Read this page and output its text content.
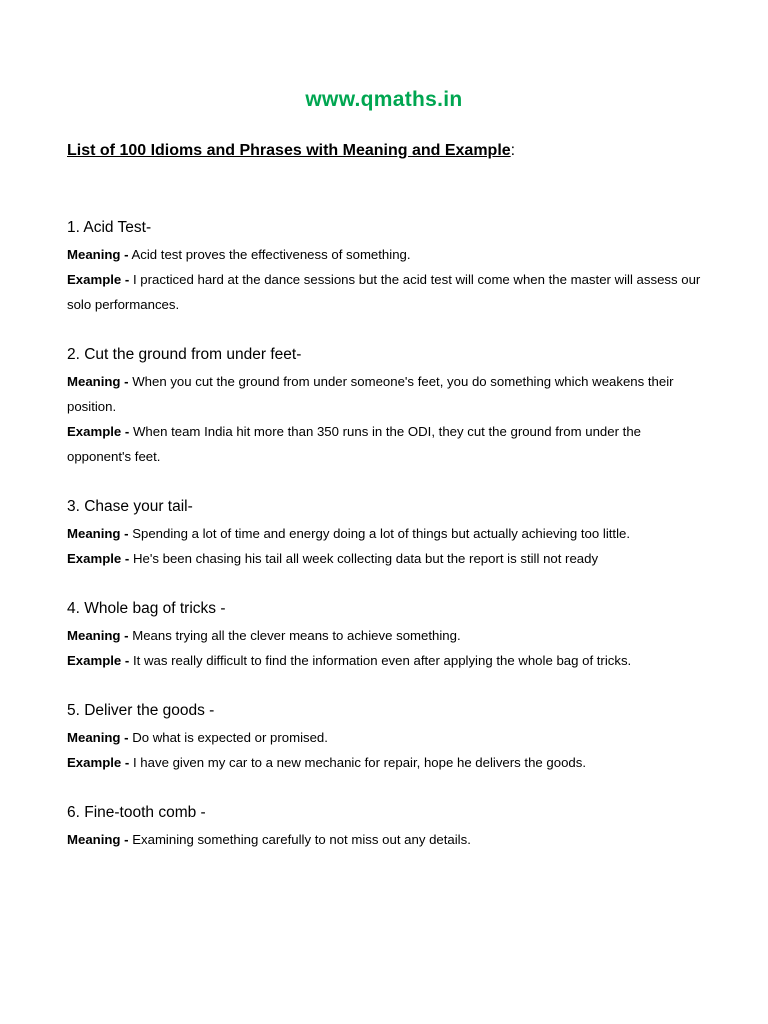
www.qmaths.in
List of 100 Idioms and Phrases with Meaning and Example:
1. Acid Test-
Meaning - Acid test proves the effectiveness of something.
Example - I practiced hard at the dance sessions but the acid test will come when the master will assess our solo performances.
2. Cut the ground from under feet-
Meaning - When you cut the ground from under someone's feet, you do something which weakens their position.
Example - When team India hit more than 350 runs in the ODI, they cut the ground from under the opponent's feet.
3. Chase your tail-
Meaning - Spending a lot of time and energy doing a lot of things but actually achieving too little.
Example - He's been chasing his tail all week collecting data but the report is still not ready
4. Whole bag of tricks -
Meaning - Means trying all the clever means to achieve something.
Example - It was really difficult to find the information even after applying the whole bag of tricks.
5. Deliver the goods -
Meaning - Do what is expected or promised.
Example - I have given my car to a new mechanic for repair, hope he delivers the goods.
6. Fine-tooth comb -
Meaning - Examining something carefully to not miss out any details.
